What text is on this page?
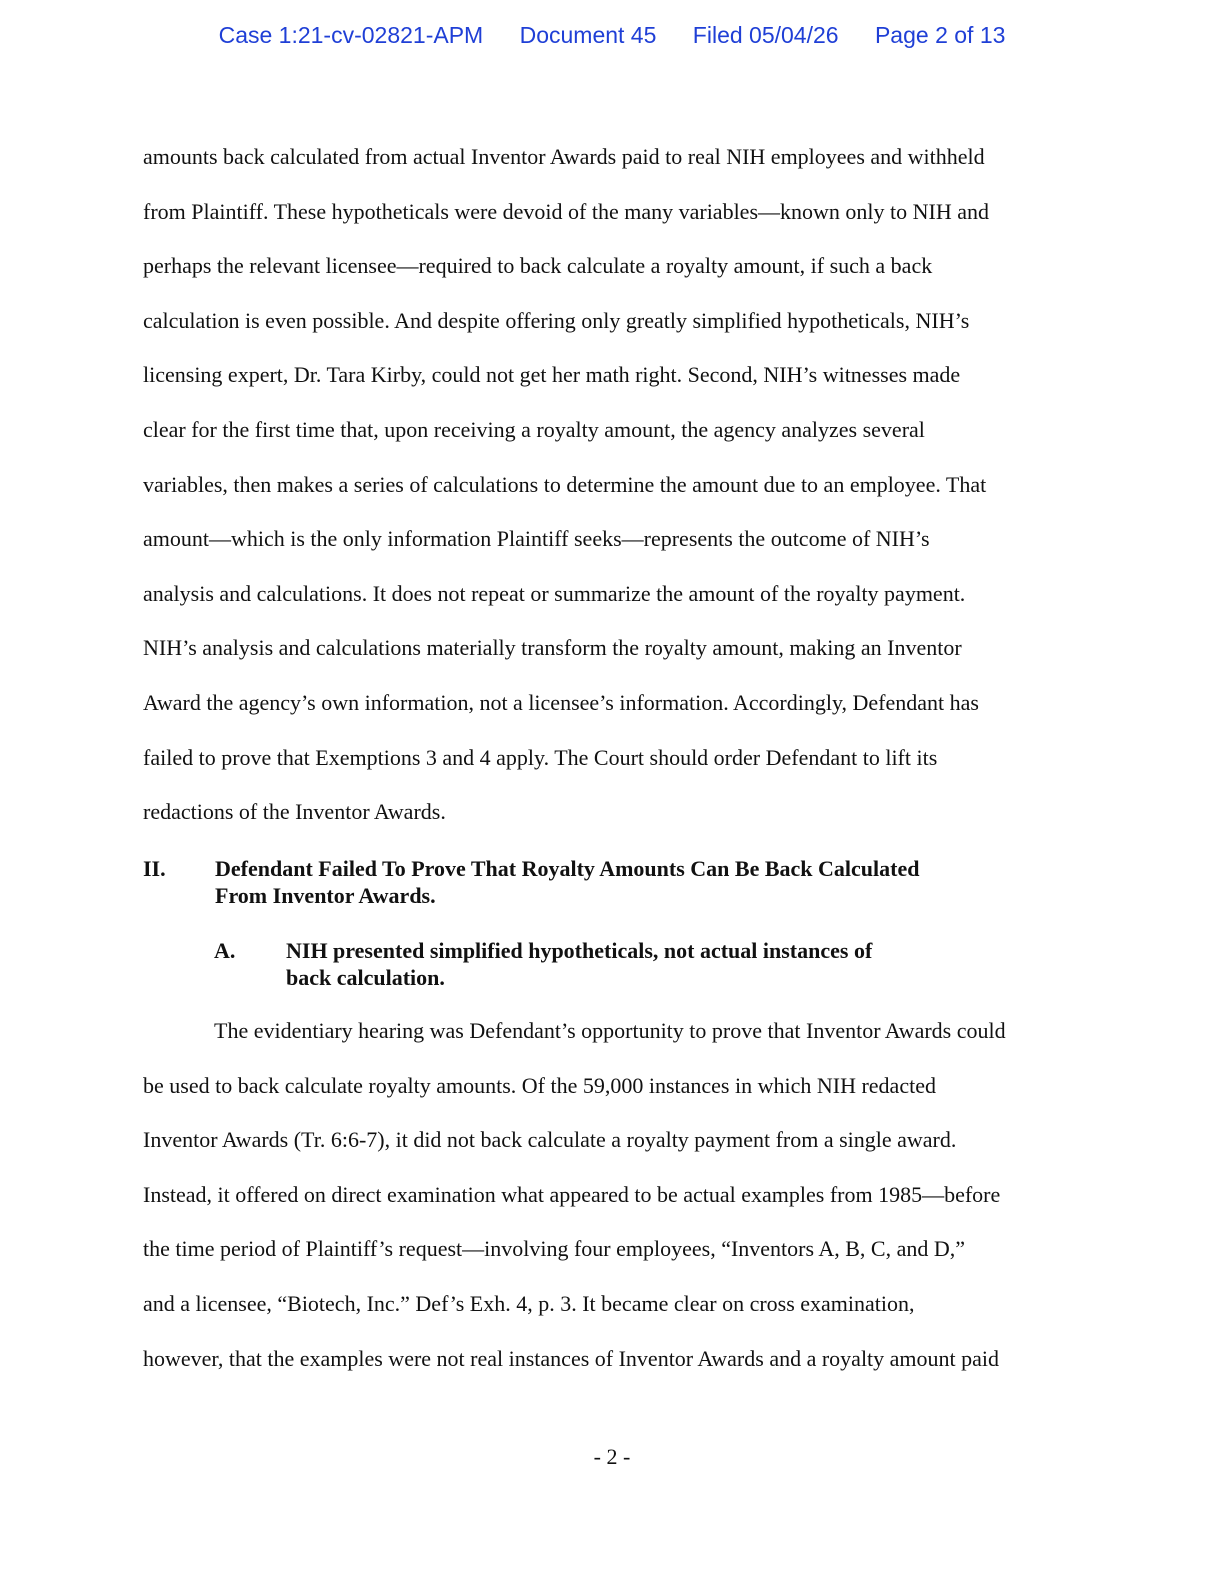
Case 1:21-cv-02821-APM Document 45 Filed 05/04/26 Page 2 of 13
amounts back calculated from actual Inventor Awards paid to real NIH employees and withheld
from Plaintiff. These hypotheticals were devoid of the many variables—known only to NIH and
perhaps the relevant licensee—required to back calculate a royalty amount, if such a back
calculation is even possible. And despite offering only greatly simplified hypotheticals, NIH’s
licensing expert, Dr. Tara Kirby, could not get her math right. Second, NIH’s witnesses made
clear for the first time that, upon receiving a royalty amount, the agency analyzes several
variables, then makes a series of calculations to determine the amount due to an employee. That
amount—which is the only information Plaintiff seeks—represents the outcome of NIH’s
analysis and calculations. It does not repeat or summarize the amount of the royalty payment.
NIH’s analysis and calculations materially transform the royalty amount, making an Inventor
Award the agency’s own information, not a licensee’s information. Accordingly, Defendant has
failed to prove that Exemptions 3 and 4 apply. The Court should order Defendant to lift its
redactions of the Inventor Awards.
II. Defendant Failed To Prove That Royalty Amounts Can Be Back Calculated
From Inventor Awards.
A. NIH presented simplified hypotheticals, not actual instances of
back calculation.
The evidentiary hearing was Defendant’s opportunity to prove that Inventor Awards could
be used to back calculate royalty amounts. Of the 59,000 instances in which NIH redacted
Inventor Awards (Tr. 6:6-7), it did not back calculate a royalty payment from a single award.
Instead, it offered on direct examination what appeared to be actual examples from 1985—before
the time period of Plaintiff’s request—involving four employees, “Inventors A, B, C, and D,”
and a licensee, “Biotech, Inc.” Def’s Exh. 4, p. 3. It became clear on cross examination,
however, that the examples were not real instances of Inventor Awards and a royalty amount paid
- 2 -
